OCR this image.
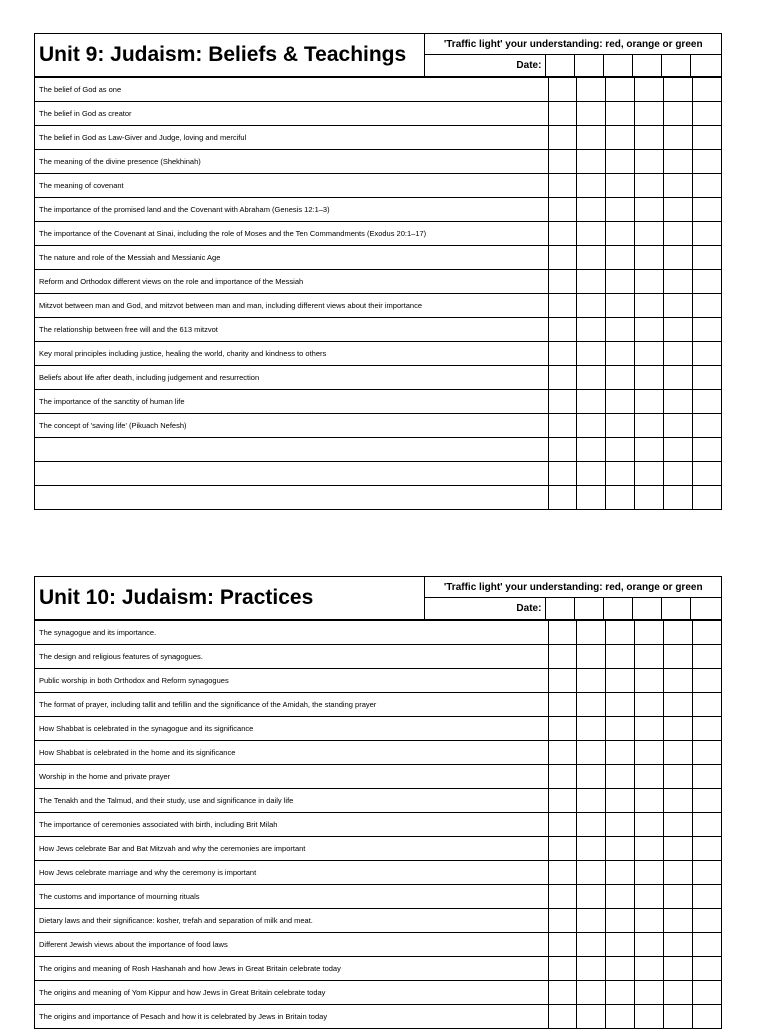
Unit 9: Judaism: Beliefs & Teachings	'Traffic light' your understanding: red, orange or green
Date:
The belief of God as one
The belief in God as creator
The belief in God as Law-Giver and Judge, loving and merciful
The meaning of the divine presence (Shekhinah)
The meaning of covenant
The importance of the promised land and the Covenant with Abraham (Genesis 12:1–3)
The importance of the Covenant at Sinai, including the role of Moses and the Ten Commandments (Exodus 20:1–17)
The nature and role of the Messiah and Messianic Age
Reform and Orthodox different views on the role and importance of the Messiah
Mitzvot between man and God, and mitzvot between man and man, including different views about their importance
The relationship between free will and the 613 mitzvot
Key moral principles including justice, healing the world, charity and kindness to others
Beliefs about life after death, including judgement and resurrection
The importance of the sanctity of human life
The concept of 'saving life' (Pikuach Nefesh)
Unit 10: Judaism: Practices	'Traffic light' your understanding: red, orange or green
Date:
The synagogue and its importance.
The design and religious features of synagogues.
Public worship in both Orthodox and Reform synagogues
The format of prayer, including tallit and tefillin and the significance of the Amidah, the standing prayer
How Shabbat is celebrated in the synagogue and its significance
How Shabbat is celebrated in the home and its significance
Worship in the home and private prayer
The Tenakh and the Talmud, and their study, use and significance in daily life
The importance of ceremonies associated with birth, including Brit Milah
How Jews celebrate Bar and Bat Mitzvah and why the ceremonies are important
How Jews celebrate marriage and why the ceremony is important
The customs and importance of mourning rituals
Dietary laws and their significance: kosher, trefah and separation of milk and meat.
Different Jewish views about the importance of food laws
The origins and meaning of Rosh Hashanah and how Jews in Great Britain celebrate today
The origins and meaning of Yom Kippur and how Jews in Great Britain celebrate today
The origins and importance of Pesach and how it is celebrated by Jews in Britain today
